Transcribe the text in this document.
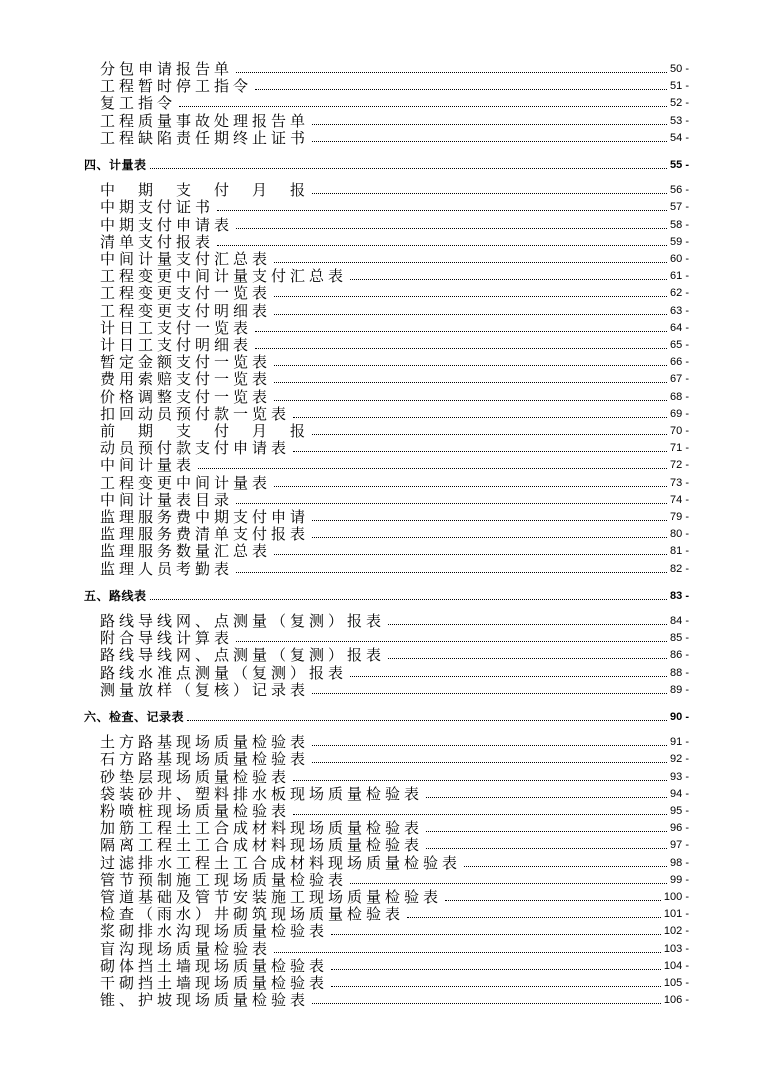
分包申请报告单	50 -
工程暂时停工指令	51 -
复工指令	52 -
工程质量事故处理报告单	53 -
工程缺陷责任期终止证书	54 -
四、计量表	55 -
中　期　支　付　月　报	56 -
中期支付证书	57 -
中期支付申请表	58 -
清单支付报表	59 -
中间计量支付汇总表	60 -
工程变更中间计量支付汇总表	61 -
工程变更支付一览表	62 -
工程变更支付明细表	63 -
计日工支付一览表	64 -
计日工支付明细表	65 -
暂定金额支付一览表	66 -
费用索赔支付一览表	67 -
价格调整支付一览表	68 -
扣回动员预付款一览表	69 -
前　期　支　付　月　报	70 -
动员预付款支付申请表	71 -
中间计量表	72 -
工程变更中间计量表	73 -
中间计量表目录	74 -
监理服务费中期支付申请	79 -
监理服务费清单支付报表	80 -
监理服务数量汇总表	81 -
监理人员考勤表	82 -
五、路线表	83 -
路线导线网、点测量（复测）报表	84 -
附合导线计算表	85 -
路线导线网、点测量（复测）报表	86 -
路线水准点测量（复测）报表	88 -
测量放样（复核）记录表	89 -
六、检查、记录表	90 -
土方路基现场质量检验表	91 -
石方路基现场质量检验表	92 -
砂垫层现场质量检验表	93 -
袋装砂井、塑料排水板现场质量检验表	94 -
粉喷桩现场质量检验表	95 -
加筋工程土工合成材料现场质量检验表	96 -
隔离工程土工合成材料现场质量检验表	97 -
过滤排水工程土工合成材料现场质量检验表	98 -
管节预制施工现场质量检验表	99 -
管道基础及管节安装施工现场质量检验表	100 -
检查（雨水）井砌筑现场质量检验表	101 -
浆砌排水沟现场质量检验表	102 -
盲沟现场质量检验表	103 -
砌体挡土墙现场质量检验表	104 -
干砌挡土墙现场质量检验表	105 -
锥、护坡现场质量检验表	106 -
